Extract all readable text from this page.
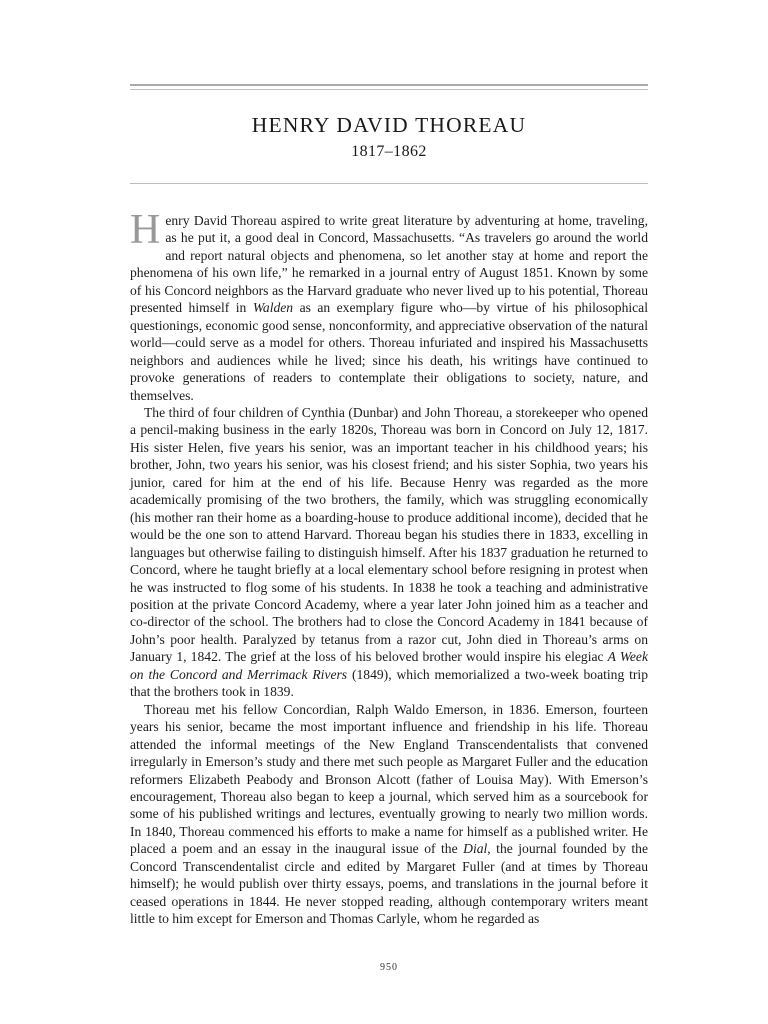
HENRY DAVID THOREAU
1817–1862

H enry David Thoreau aspired to write great literature by adventuring at home, traveling, as he put it, a good deal in Concord, Massachusetts. “As travelers go around the world and report natural objects and phenomena, so let another stay at home and report the phenomena of his own life,” he remarked in a journal entry of August 1851. Known by some of his Concord neighbors as the Harvard graduate who never lived up to his potential, Thoreau presented himself in Walden as an exemplary figure who—by virtue of his philosophical questionings, economic good sense, nonconformity, and appreciative observation of the natural world—could serve as a model for others. Thoreau infuriated and inspired his Massachusetts neighbors and audiences while he lived; since his death, his writings have continued to provoke generations of readers to contemplate their obligations to society, nature, and themselves.

The third of four children of Cynthia (Dunbar) and John Thoreau, a storekeeper who opened a pencil-making business in the early 1820s, Thoreau was born in Concord on July 12, 1817. His sister Helen, five years his senior, was an important teacher in his childhood years; his brother, John, two years his senior, was his closest friend; and his sister Sophia, two years his junior, cared for him at the end of his life. Because Henry was regarded as the more academically promising of the two brothers, the family, which was struggling economically (his mother ran their home as a boarding-house to produce additional income), decided that he would be the one son to attend Harvard. Thoreau began his studies there in 1833, excelling in languages but otherwise failing to distinguish himself. After his 1837 graduation he returned to Concord, where he taught briefly at a local elementary school before resigning in protest when he was instructed to flog some of his students. In 1838 he took a teaching and administrative position at the private Concord Academy, where a year later John joined him as a teacher and co-director of the school. The brothers had to close the Concord Academy in 1841 because of John’s poor health. Paralyzed by tetanus from a razor cut, John died in Thoreau’s arms on January 1, 1842. The grief at the loss of his beloved brother would inspire his elegiac A Week on the Concord and Merrimack Rivers (1849), which memorialized a two-week boating trip that the brothers took in 1839.

Thoreau met his fellow Concordian, Ralph Waldo Emerson, in 1836. Emerson, fourteen years his senior, became the most important influence and friendship in his life. Thoreau attended the informal meetings of the New England Transcendentalists that convened irregularly in Emerson’s study and there met such people as Margaret Fuller and the education reformers Elizabeth Peabody and Bronson Alcott (father of Louisa May). With Emerson’s encouragement, Thoreau also began to keep a journal, which served him as a sourcebook for some of his published writings and lectures, eventually growing to nearly two million words. In 1840, Thoreau commenced his efforts to make a name for himself as a published writer. He placed a poem and an essay in the inaugural issue of the Dial, the journal founded by the Concord Transcendentalist circle and edited by Margaret Fuller (and at times by Thoreau himself); he would publish over thirty essays, poems, and translations in the journal before it ceased operations in 1844. He never stopped reading, although contemporary writers meant little to him except for Emerson and Thomas Carlyle, whom he regarded as

950
